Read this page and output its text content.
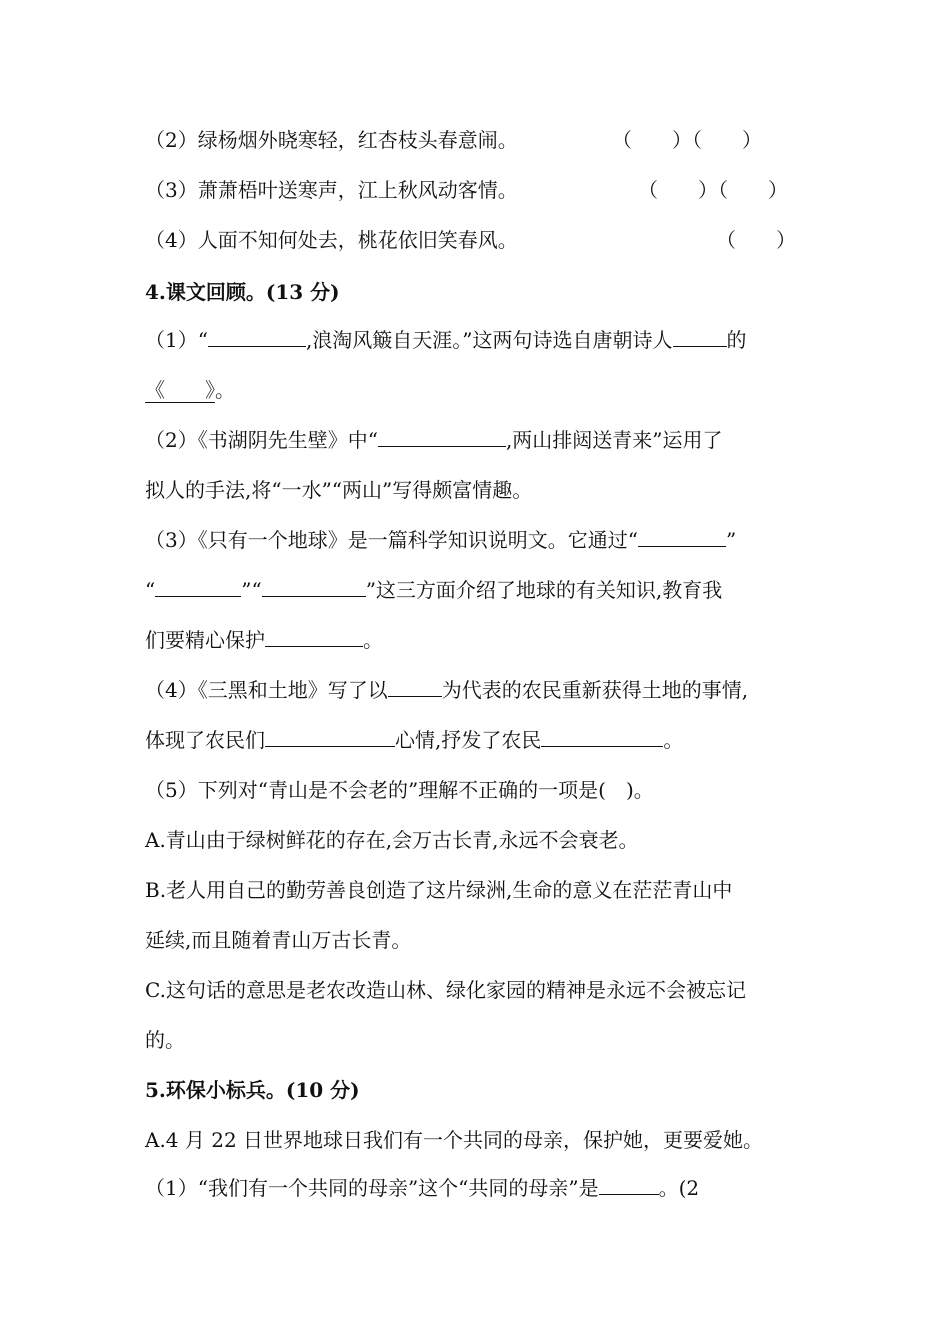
（2）绿杨烟外晓寒轻，红杏枝头春意闹。	（　　）（　　）
（3）萧萧梧叶送寒声，江上秋风动客情。	（　　）（　　）
（4）人面不知何处去，桃花依旧笑春风。	（　　）
4.课文回顾。(13 分)
（1）“	,浪淘风簸自天涯。”这两句诗选自唐朝诗人	的
《　　》。
（2）《书湖阴先生壁》中“	,两山排闼送青来”运用了
拟人的手法,将“一水”“两山”写得颇富情趣。
（3）《只有一个地球》是一篇科学知识说明文。它通过“	”
“	”“	”这三方面介绍了地球的有关知识,教育我
们要精心保护	。
（4）《三黑和土地》写了以	为代表的农民重新获得土地的事情,
体现了农民们	心情,抒发了农民	。
（5）下列对“青山是不会老的”理解不正确的一项是(　)。
A.青山由于绿树鲜花的存在,会万古长青,永远不会衰老。
B.老人用自己的勤劳善良创造了这片绿洲,生命的意义在茫茫青山中
延续,而且随着青山万古长青。
C.这句话的意思是老农改造山林、绿化家园的精神是永远不会被忘记
的。
5.环保小标兵。(10 分)
A.4 月 22 日世界地球日我们有一个共同的母亲，保护她，更要爱她。
（1）“我们有一个共同的母亲”这个“共同的母亲”是	。(2
